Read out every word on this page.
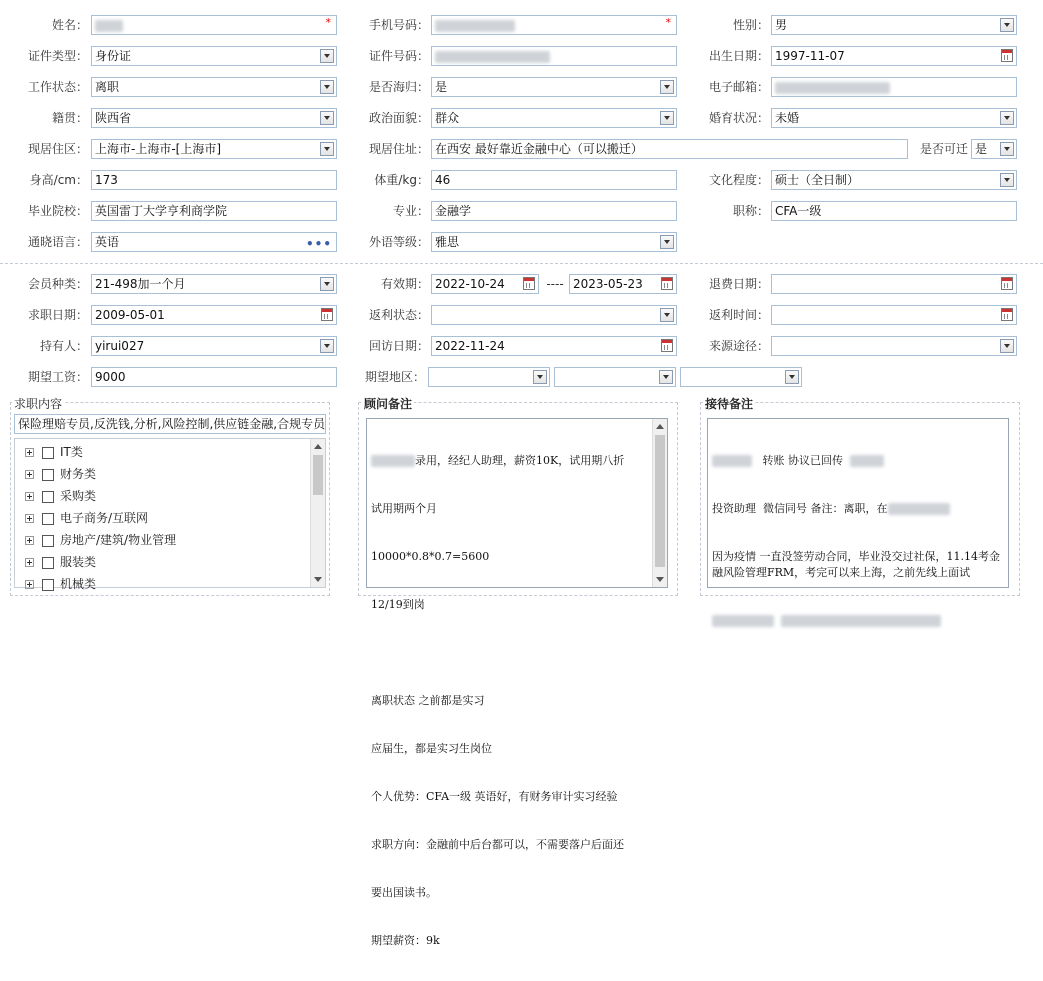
姓名：	*	手机号码：	*	性别： 男
证件类型： 身份证	证件号码：	出生日期： 1997-11-07
工作状态： 离职	是否海归： 是	电子邮箱：
籍贯： 陕西省	政治面貌： 群众	婚育状况： 未婚
现居住区： 上海市-上海市-[上海市]	现居住址： 在西安 最好靠近金融中心（可以搬迁）	是否可迁 是
身高/cm： 173	体重/kg： 46	文化程度： 硕士（全日制）
毕业院校： 英国雷丁大学亨利商学院	专业： 金融学	职称： CFA一级
通晓语言： 英语	•••	外语等级： 雅思
会员种类： 21-498加一个月	有效期： 2022-10-24	---- 2023-05-23	退费日期：
求职日期： 2009-05-01	返利状态：	返利时间：
持有人： yirui027	回访日期： 2022-11-24	来源途径：
期望工资： 9000	期望地区：
求职内容
保险理赔专员,反洗钱,分析,风险控制,供应链金融,合规专员
IT类
财务类
采购类
电子商务/互联网
房地产/建筑/物业管理
服装类
机械类
顾问备注

录用，经纪人助理，薪资10K，试用期八折

试用期两个月

10000*0.8*0.7=5600

12/19到岗

离职状态 之前都是实习

应届生，都是实习生岗位

个人优势：CFA一级 英语好，有财务审计实习经验

求职方向：金融前中后台都可以，不需要落户后面还

要出国读书。

期望薪资：9k

接待备注

转账 协议已回传

投资助理  微信同号 备注：离职，在

因为疫情 一直没签劳动合同，毕业没交过社保，11.14考金融风险管理FRM，考完可以来上海，之前先线上面试
